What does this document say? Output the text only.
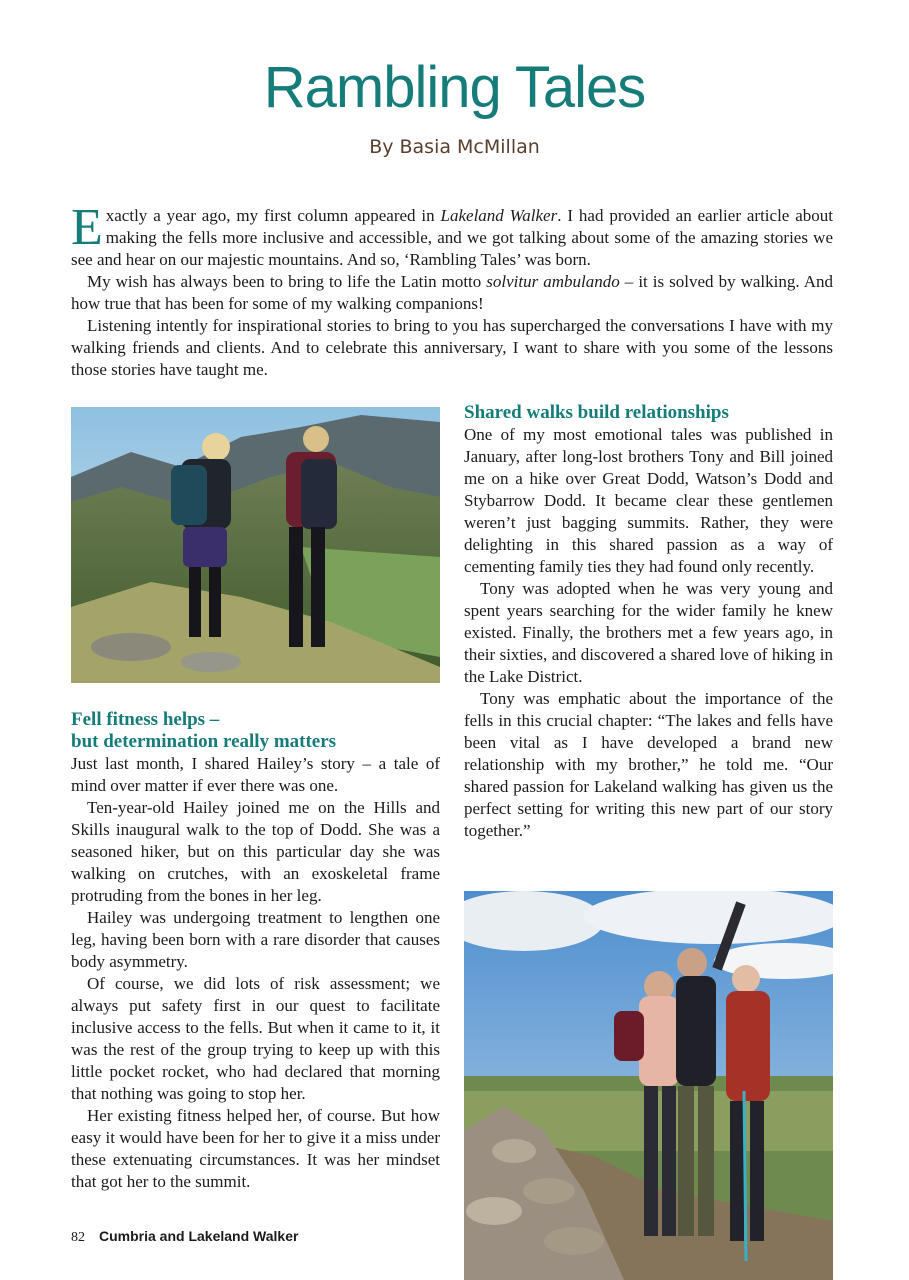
Rambling Tales

By Basia McMillan

Exactly a year ago, my first column appeared in Lakeland Walker. I had provided an earlier article about making the fells more inclusive and accessible, and we got talking about some of the amazing stories we see and hear on our majestic mountains. And so, ‘Rambling Tales’ was born.

My wish has always been to bring to life the Latin motto solvitur ambulando – it is solved by walking. And how true that has been for some of my walking companions!

Listening intently for inspirational stories to bring to you has supercharged the conversations I have with my walking friends and clients. And to celebrate this anniversary, I want to share with you some of the lessons those stories have taught me.

Fell fitness helps –
but determination really matters

Just last month, I shared Hailey’s story – a tale of mind over matter if ever there was one.

Ten-year-old Hailey joined me on the Hills and Skills inaugural walk to the top of Dodd. She was a seasoned hiker, but on this particular day she was walking on crutches, with an exoskeletal frame protruding from the bones in her leg.

Hailey was undergoing treatment to lengthen one leg, having been born with a rare disorder that causes body asymmetry.

Of course, we did lots of risk assessment; we always put safety first in our quest to facilitate inclusive access to the fells. But when it came to it, it was the rest of the group trying to keep up with this little pocket rocket, who had declared that morning that nothing was going to stop her.

Her existing fitness helped her, of course. But how easy it would have been for her to give it a miss under these extenuating circumstances. It was her mindset that got her to the summit.

Shared walks build relationships

One of my most emotional tales was published in January, after long-lost brothers Tony and Bill joined me on a hike over Great Dodd, Watson’s Dodd and Stybarrow Dodd. It became clear these gentlemen weren’t just bagging summits. Rather, they were delighting in this shared passion as a way of cementing family ties they had found only recently.

Tony was adopted when he was very young and spent years searching for the wider family he knew existed. Finally, the brothers met a few years ago, in their sixties, and discovered a shared love of hiking in the Lake District.

Tony was emphatic about the importance of the fells in this crucial chapter: “The lakes and fells have been vital as I have developed a brand new relationship with my brother,” he told me. “Our shared passion for Lakeland walking has given us the perfect setting for writing this new part of our story together.”

82 Cumbria and Lakeland Walker
